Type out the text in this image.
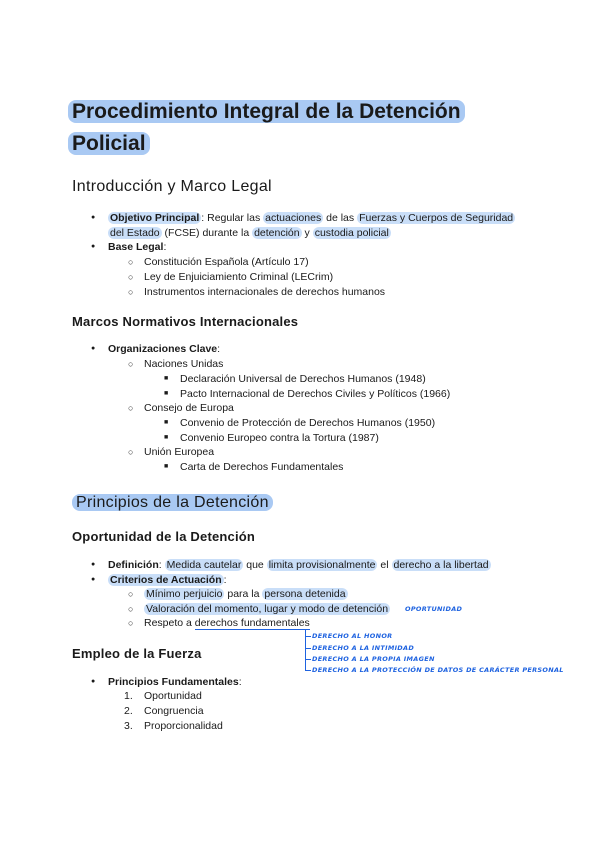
Procedimiento Integral de la Detención
Policial
Introducción y Marco Legal
● Objetivo Principal : Regular las actuaciones de las Fuerzas y Cuerpos de Seguridad
del Estado (FCSE) durante la detención y custodia policial
● Base Legal:
○ Constitución Española (Artículo 17)
○ Ley de Enjuiciamiento Criminal (LECrim)
○ Instrumentos internacionales de derechos humanos
Marcos Normativos Internacionales
● Organizaciones Clave:
○ Naciones Unidas
■ Declaración Universal de Derechos Humanos (1948)
■ Pacto Internacional de Derechos Civiles y Políticos (1966)
○ Consejo de Europa
■ Convenio de Protección de Derechos Humanos (1950)
■ Convenio Europeo contra la Tortura (1987)
○ Unión Europea
■ Carta de Derechos Fundamentales
Principios de la Detención
Oportunidad de la Detención
● Definición: Medida cautelar que limita provisionalmente el derecho a la libertad
● Criterios de Actuación :
○ Mínimo perjuicio para la persona detenida
○ Valoración del momento, lugar y modo de detención	OPORTUNIDAD
○ Respeto a derechos fundamentales
DERECHO AL HONOR
DERECHO A LA INTIMIDAD
DERECHO A LA PROPIA IMAGEN
DERECHO A LA PROTECCIÓN DE DATOS DE CARÁCTER PERSONAL
Empleo de la Fuerza
● Principios Fundamentales:
1. Oportunidad
2. Congruencia
3. Proporcionalidad
